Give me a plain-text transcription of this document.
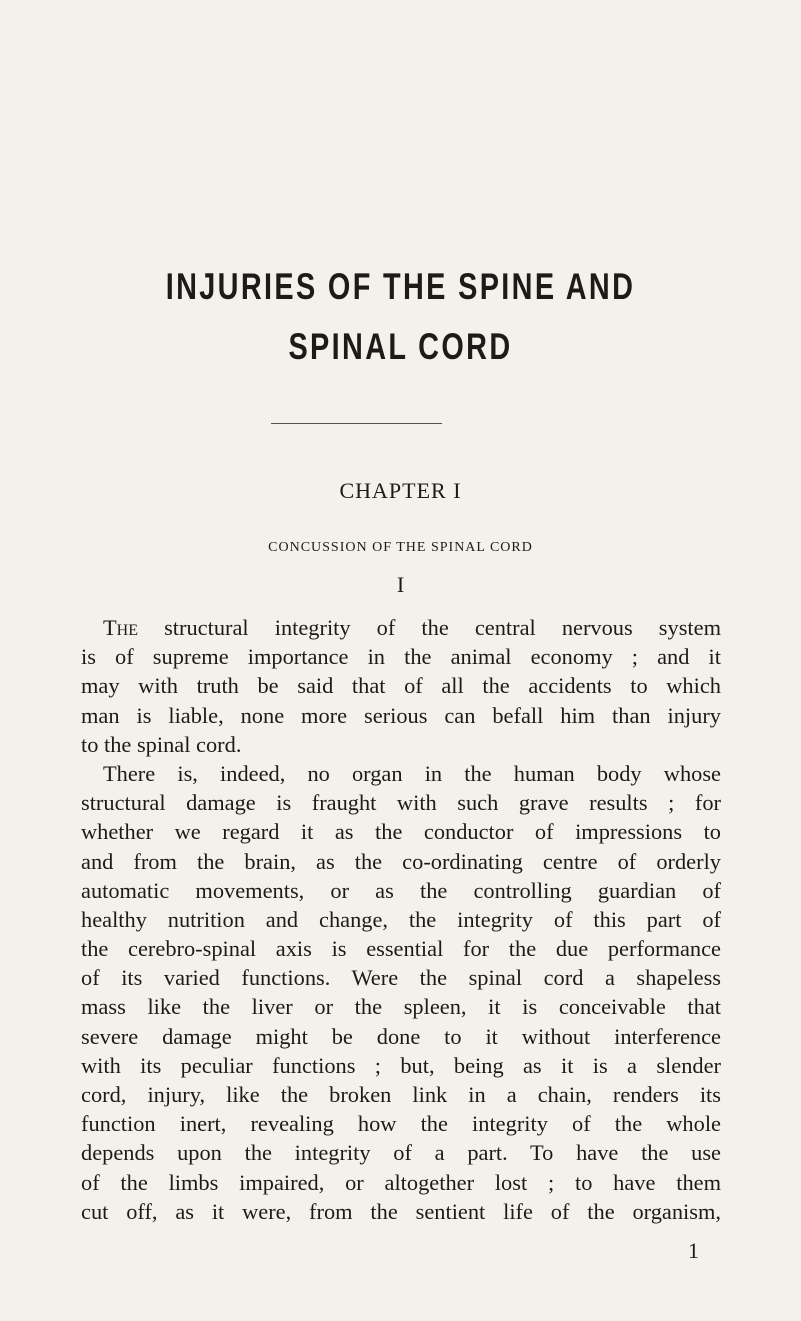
INJURIES OF THE SPINE AND
SPINAL CORD
CHAPTER I
CONCUSSION OF THE SPINAL CORD
I
The structural integrity of the central nervous system
is of supreme importance in the animal economy ; and it
may with truth be said that of all the accidents to which
man is liable, none more serious can befall him than injury
to the spinal cord.
There is, indeed, no organ in the human body whose
structural damage is fraught with such grave results ; for
whether we regard it as the conductor of impressions to
and from the brain, as the co-ordinating centre of orderly
automatic movements, or as the controlling guardian of
healthy nutrition and change, the integrity of this part of
the cerebro-spinal axis is essential for the due performance
of its varied functions. Were the spinal cord a shapeless
mass like the liver or the spleen, it is conceivable that
severe damage might be done to it without interference
with its peculiar functions ; but, being as it is a slender
cord, injury, like the broken link in a chain, renders its
function inert, revealing how the integrity of the whole
depends upon the integrity of a part. To have the use
of the limbs impaired, or altogether lost ; to have them
cut off, as it were, from the sentient life of the organism,
1
